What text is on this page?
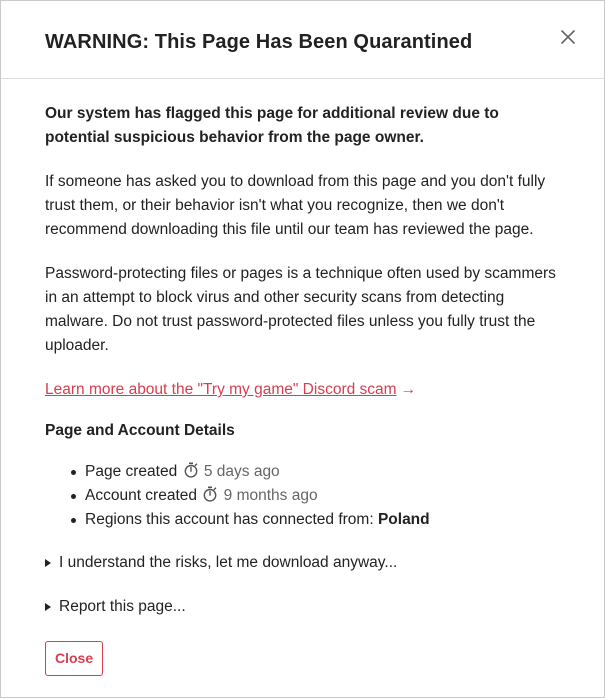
WARNING: This Page Has Been Quarantined

Our system has flagged this page for additional review due to potential suspicious behavior from the page owner.

If someone has asked you to download from this page and you don't fully trust them, or their behavior isn't what you recognize, then we don't recommend downloading this file until our team has reviewed the page.

Password-protecting files or pages is a technique often used by scammers in an attempt to block virus and other security scans from detecting malware. Do not trust password-protected files unless you fully trust the uploader.

Learn more about the "Try my game" Discord scam →
Page and Account Details
Page created 5 days ago
Account created 9 months ago
Regions this account has connected from: Poland
I understand the risks, let me download anyway...
Report this page...
Close
